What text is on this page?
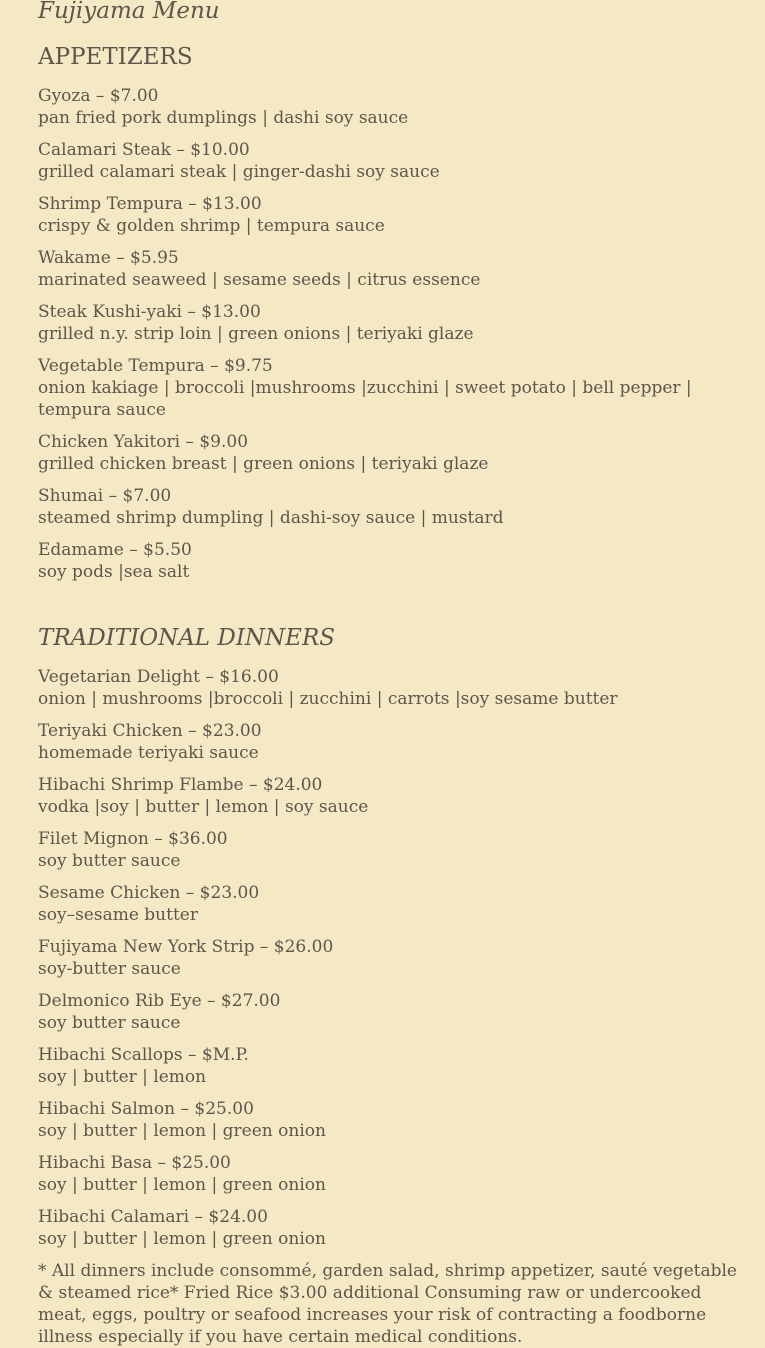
Fujiyama Menu
APPETIZERS
Gyoza – $7.00
pan fried pork dumplings | dashi soy sauce
Calamari Steak – $10.00
grilled calamari steak | ginger-dashi soy sauce
Shrimp Tempura – $13.00
crispy & golden shrimp | tempura sauce
Wakame – $5.95
marinated seaweed | sesame seeds | citrus essence
Steak Kushi-yaki – $13.00
grilled n.y. strip loin | green onions | teriyaki glaze
Vegetable Tempura – $9.75
onion kakiage | broccoli |mushrooms |zucchini | sweet potato | bell pepper | tempura sauce
Chicken Yakitori – $9.00
grilled chicken breast | green onions | teriyaki glaze
Shumai – $7.00
steamed shrimp dumpling | dashi-soy sauce | mustard
Edamame – $5.50
soy pods |sea salt
TRADITIONAL DINNERS
Vegetarian Delight – $16.00
onion | mushrooms |broccoli | zucchini | carrots |soy sesame butter
Teriyaki Chicken – $23.00
homemade teriyaki sauce
Hibachi Shrimp Flambe – $24.00
vodka |soy | butter | lemon | soy sauce
Filet Mignon – $36.00
soy butter sauce
Sesame Chicken – $23.00
soy–sesame butter
Fujiyama New York Strip – $26.00
soy-butter sauce
Delmonico Rib Eye – $27.00
soy butter sauce
Hibachi Scallops – $M.P.
soy | butter | lemon
Hibachi Salmon – $25.00
soy | butter | lemon | green onion
Hibachi Basa – $25.00
soy | butter | lemon | green onion
Hibachi Calamari – $24.00
soy | butter | lemon | green onion
* All dinners include consommé, garden salad, shrimp appetizer, sauté vegetable & steamed rice* Fried Rice $3.00 additional Consuming raw or undercooked meat, eggs, poultry or seafood increases your risk of contracting a foodborne illness especially if you have certain medical conditions.
